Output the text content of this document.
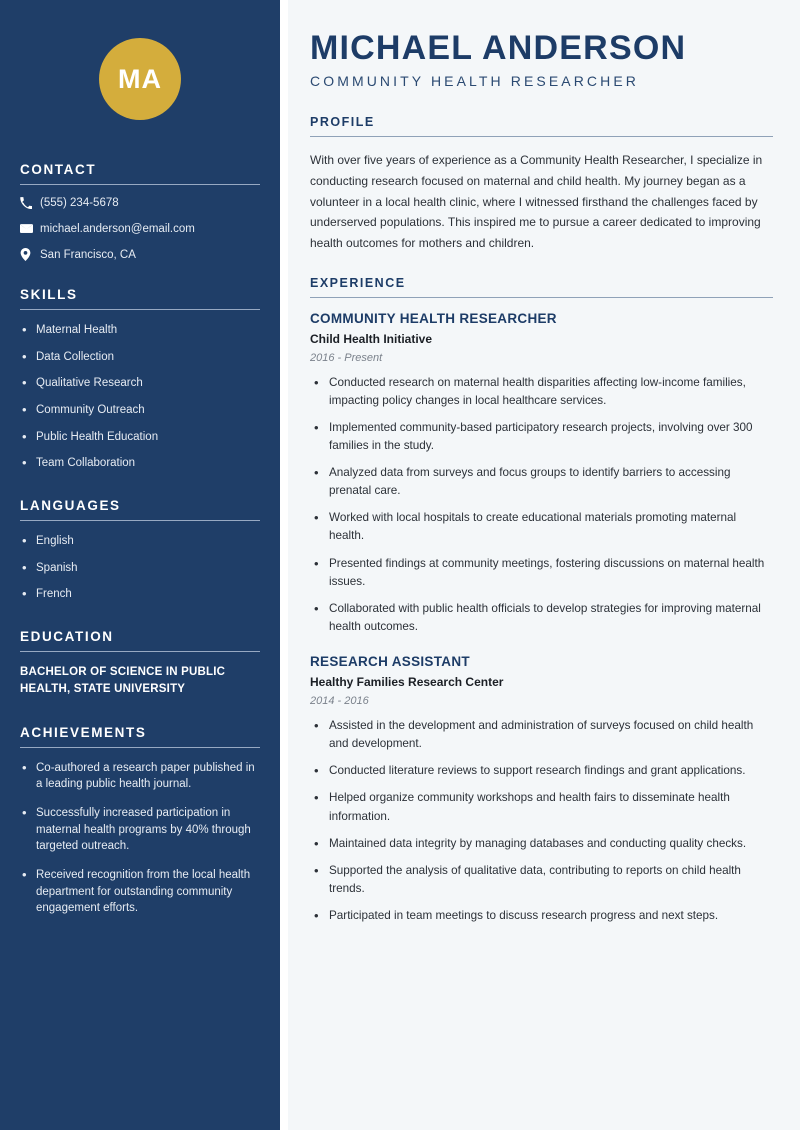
MA
CONTACT
(555) 234-5678
michael.anderson@email.com
San Francisco, CA
SKILLS
• Maternal Health
• Data Collection
• Qualitative Research
• Community Outreach
• Public Health Education
• Team Collaboration
LANGUAGES
• English
• Spanish
• French
EDUCATION
BACHELOR OF SCIENCE IN PUBLIC HEALTH, STATE UNIVERSITY
ACHIEVEMENTS
• Co-authored a research paper published in a leading public health journal.
• Successfully increased participation in maternal health programs by 40% through targeted outreach.
• Received recognition from the local health department for outstanding community engagement efforts.
MICHAEL ANDERSON
COMMUNITY HEALTH RESEARCHER
PROFILE

With over five years of experience as a Community Health Researcher, I specialize in conducting research focused on maternal and child health. My journey began as a volunteer in a local health clinic, where I witnessed firsthand the challenges faced by underserved populations. This inspired me to pursue a career dedicated to improving health outcomes for mothers and children.

EXPERIENCE
COMMUNITY HEALTH RESEARCHER
Child Health Initiative
2016 - Present
• Conducted research on maternal health disparities affecting low-income families, impacting policy changes in local healthcare services.
• Implemented community-based participatory research projects, involving over 300 families in the study.
• Analyzed data from surveys and focus groups to identify barriers to accessing prenatal care.
• Worked with local hospitals to create educational materials promoting maternal health.
• Presented findings at community meetings, fostering discussions on maternal health issues.
• Collaborated with public health officials to develop strategies for improving maternal health outcomes.
RESEARCH ASSISTANT
Healthy Families Research Center
2014 - 2016
• Assisted in the development and administration of surveys focused on child health and development.
• Conducted literature reviews to support research findings and grant applications.
• Helped organize community workshops and health fairs to disseminate health information.
• Maintained data integrity by managing databases and conducting quality checks.
• Supported the analysis of qualitative data, contributing to reports on child health trends.
• Participated in team meetings to discuss research progress and next steps.
